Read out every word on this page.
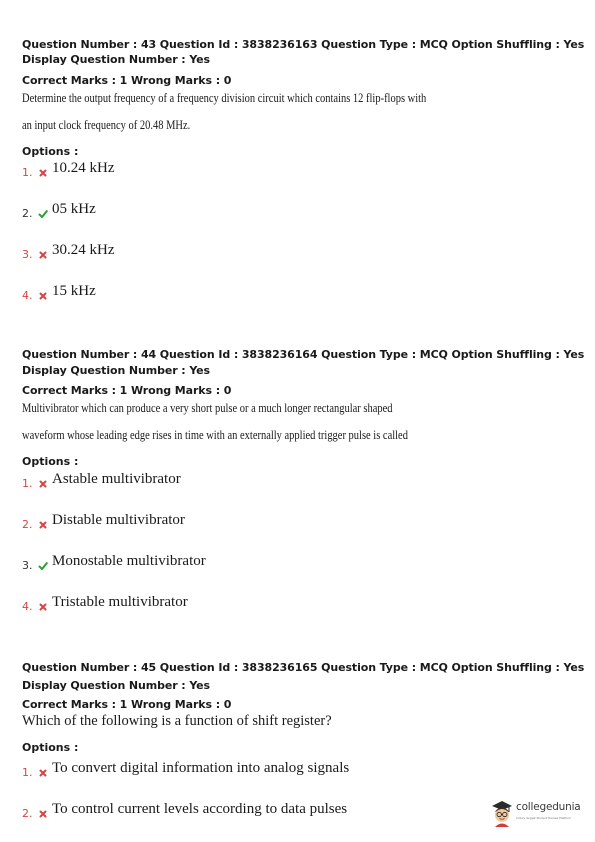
Question Number : 43 Question Id : 3838236163 Question Type : MCQ Option Shuffling : Yes
Display Question Number : Yes
Correct Marks : 1 Wrong Marks : 0
Determine the output frequency of a frequency division circuit which contains 12 flip-flops with
an input clock frequency of 20.48 MHz.
Options :
1. 10.24 kHz
2. 05 kHz
3. 30.24 kHz
4. 15 kHz
Question Number : 44 Question Id : 3838236164 Question Type : MCQ Option Shuffling : Yes
Display Question Number : Yes
Correct Marks : 1 Wrong Marks : 0
Multivibrator which can produce a very short pulse or a much longer rectangular shaped
waveform whose leading edge rises in time with an externally applied trigger pulse is called
Options :
1. Astable multivibrator
2. Distable multivibrator
3. Monostable multivibrator
4. Tristable multivibrator
Question Number : 45 Question Id : 3838236165 Question Type : MCQ Option Shuffling : Yes
Display Question Number : Yes
Correct Marks : 1 Wrong Marks : 0
Which of the following is a function of shift register?
Options :
1. To convert digital information into analog signals
2. To control current levels according to data pulses	collegedunia
India's largest Student Review Platform
